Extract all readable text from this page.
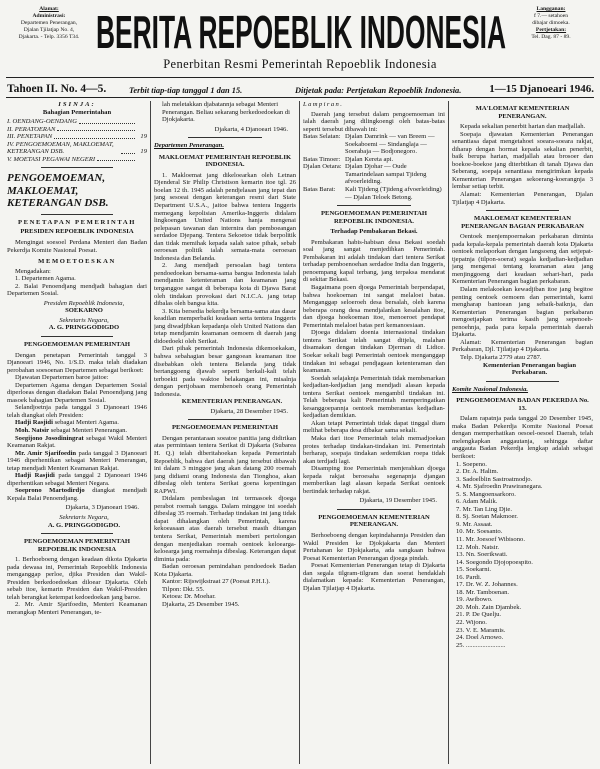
Alamat:
Administrasi:
Departemen Penerangan,
Djalan Tjilatjap No. 4,
Djakarta. - Telp. 3356 T34. BERITA REPOEBLIK INDONESIA
Penerbitan Resmi Pemerintah Repoeblik Indonesia
Langganan:
f 7.— setahoen
dibajar dimoeka.
Pertjetakan:
Tel. Dag. 87 - 89.
Tahoen II. No. 4—5.	Terbit tiap-tiap tanggal 1 dan 15.	Ditjetak pada: Pertjetakan Repoeblik Indonesia.	1—15 Djanoeari 1946.
ISINJA:
Bahagian Pemerintahan
I. OENDANG-OENDANG
II. PERATOERAN
III. PENETAPAN	19
IV. PENGOEMOEMAN, MAKLOEMAT, KETERANGAN DSB.	19
V. MOETASI PEGAWAI NEGERI
PENGOEMOEMAN, MAKLOEMAT, KETERANGAN DSB.
PENETAPAN PEMERINTAH
PRESIDEN REPOEBLIK INDONESIA
Mengingat soesoel Perdana Menteri dan Badan Pekerdja Komite Nasional Poesat.
MEMOETOESKAN
Mengadakan:
1. Departemen Agama.
2. Balai Penoendjang mendjadi bahagian dari Departemen Sosial.
Presiden Repoeblik Indonesia,
SOEKARNO
Sekretaris Negara,
A. G. PRINGGODIGDO
PENGOEMOEMAN PEMERINTAH
Dengan penetapan Pemerintah tanggal 3 Djanoeari 1946, No. 1/S.D. maka telah diadakan perobahan soesoenan Departemen sebagai berikoet:
Djawatan Departemen baroe jaitoe:
Departemen Agama dengan Departemen Sosial diperloeas dengan diadakan Balai Penoendjang jang masoek bahagian Departemen Sosial.
Selandjoetnja pada tanggal 3 Djanoeari 1946 telah diangkat oleh Presiden:
Hadji Rasjidi sebagai Menteri Agama.
Moh. Natsir sebagai Menteri Penerangan.
Soegijono Josodiningrat sebagai Wakil Menteri Keamanan Rakjat.
Mr. Amir Sjarifoedin pada tanggal 3 Djanoeari 1946 diperhentikan sebagai Menteri Penerangan, tetap mendjadi Menteri Keamanan Rakjat.
Hadji Rasjidi pada tanggal 2 Djanoeari 1946 diperhentikan sebagai Menteri Negara.
Soeprono Martodirdjo diangkat mendjadi Kepala Balai Penoendjang.
Djakarta, 3 Djanoeari 1946.
Sekretaris Negara,
A. G. PRINGGODIGDO.
PENGOEMOEMAN PEMERINTAH REPOEBLIK INDONESIA
1. Berhoeboeng dengan keadaan dikota Djakarta pada dewasa ini, Pemerintah Repoeblik Indonesia menganggap perloe, djika Presiden dan Wakil-Presiden berkedoedoekan diloear Djakarta. Oleh sebab itoe, kemarin Presiden dan Wakil-Presiden telah berangkat ketempat kedoedoekan jang baroe.
2. Mr. Amir Sjarifoedin, Menteri Keamanan merangkap Menteri Penerangan, te-
lah meletakkan djabatannja sebagai Menteri Penerangan. Beliau sekarang berkedoedoekan di Djokjakarta.
Djakarta, 4 Djanoeari 1946.
Departemen Penerangan.
MAKLOEMAT PEMERINTAH REPOEBLIK INDONESIA.
1. Makloemat jang dikeloearkan oleh Letnan Djenderal Sir Philip Christison kemarin itoe tgl. 26 boelan 12 th. 1945 adalah pendjelasan jang tepat dan jang sesoeai dengan keterangan resmi dari State Department U.S.A., jaitoe bahwa tentera Inggeris memegang kepolisian Amerika-Inggeris didalam lingkoengan United Nations hanja mengenai pelepasan tawanan dan internira dan pemboeangan serdadoe Djepang. Tentera Sekoetoe tidak berpolitik dan tidak memihak kepada salah satoe pihak, sebab oeroesan politik ialah semata-mata oeroesan Indonesia dan Belanda.
2. Jang mendjadi persoalan bagi tentera pendoedoekan bersama-sama bangsa Indonesia ialah mendjamin ketenteraman dan keamanan jang terganggoe sangat di beberapa kota di Djawa Barat oleh tindakan provokasi dari N.I.C.A. jang tetap dibalas oleh bangsa kita.
3. Kita bersedia bekerdja bersama-sama atas dasar keadilan memperbaiki keadaan serta tentera Inggeris jang diwadjibkan kepadanja oleh United Nations dan tetap mendjamin keamanan oemoem di daerah jang didoedoeki oleh Serikat.
Dari pihak pemerintah Indonesia dikemoekakan, bahwa sebahagian besar gangoean keamanan itoe disebabkan oleh tentera Belanda jang tidak bertanggoeng djawab seperti berkali-kali telah terboekti pada waktoe belakangan ini, misalnja dengan pertjobaan membenoeh orang Pemerintah Indonesia.
KEMENTERIAN PENERANGAN.
Djakarta, 28 Desember 1945.
PENGOEMOEMAN PEMERINTAH
Dengan perantaraan soeatoe panitia jang didirikan atas permintaan tentera Serikat di Djakarta (Subarea H. Q.) telah diberitahoekan kepada Pemerintah Repoeblik, bahwa dari daerah jang tersebut dibawah ini dalam 3 minggoe jang akan datang 200 roemah jang didiami orang Indonesia dan Tionghoa, akan dibeslag oleh tentera Serikat goena kepentingan RAPWI.
Didalam pembeslagan ini termasoek djoega perabot roemah tangga. Dalam minggoe ini soedah dibeslag 35 roemah. Terhadap tindakan ini jang tidak dapat dihalangkan oleh Pemerintah, karena kekoeasaan atas daerah tersebut masih ditangan tentera Serikat, Pemerintah memberi pertolongan dengan menjediakan roemah oentoek keloearga-keloearga jang roemahnja dibeslag. Keterangan dapat diminta pada:
Badan oeroesan pemindahan pendoedoek Badan Kota Djakarta.
Kantor: Rijswijkstraat 27 (Poesat P.H.I.).
Tilpon: Dkt. 55.
Ketoea: Dr. Moehar.
Djakarta, 25 Desember 1945.
Lampiran.
Daerah jang tersebut dalam pengoemoeman ini ialah daerah jang dilingkoengi oleh batas-batas seperti tersebut dibawah ini:
Batas Selatan: Djalan Damrink — van Breem — Soekaboemi — Sindanglaja — Soerabaja — Bodjonegoro.
Batas Timoer: Djalan Kereta api.
Djalan Oetara: Djalan Djohar — Oude Tamarindelaan sampai Tjideng afvoerleiding.
Batas Barat:	Kali Tjideng (Tjideng afvoerleiding) — Djalan Teloek Betong.
PENGOEMOEMAN PEMERINTAH REPOEBLIK INDONESIA.
Terhadap Pembakaran Bekasi.
Pembakaran habis-habisan desa Bekasi soedah soal jang sangat menjedihkan Pemerintah. Pembakaran ini adalah tindakan dari tentera Serikat terhadap pemboenoehan serdadoe India dan Inggeris, penoempang kapal terbang, jang terpaksa mendarat di sekitar Bekasi.
Bagaimana poen djoega Pemerintah berpendapat, bahwa hoekoeman ini sangat melaloei batas. Menganggap seloeroeh desa bersalah, oleh karena beberapa orang desa mendjalankan kesalahan itoe, dan djoega hoekoeman itoe, menoeroet pendapat Pemerintah melaloei batas peri kemanoesiaan.
Djoega didalam doenia internasional tindakan tentera Serikat telah sangat ditjela, malahan disamakan dengan tindakan Djerman di Lidice. Soekar sekali bagi Pemerintah oentoek menganggap tindakan ini sebagai pendjagaan ketenteraman dan keamanan.
Soedah selajaknja Pemerintah tidak membenarkan kedjadian-kedjadian jang mendjadi alasan kepada tentera Serikat oentoek mengambil tindakan ini. Telah beberapa kali Pemerintah memperingatkan kesanggoepannja oentoek memberantas kedjadian-kedjadian demikian.
Akan tetapi Pemerintah tidak dapat tinggal diam melihat beberapa desa dibakar sama sekali.
Maka dari itoe Pemerintah telah memadjoekan protes terhadap tindakan-tindakan ini. Pemerintah berharap, soepaja tindakan sedemikian roepa tidak akan terdjadi lagi.
Disamping itoe Pemerintah menjerahkan djoega kepada rakjat beroesaha segenapnja djangan memberikan lagi alasan kepada Serikat oentoek bertindak terhadap rakjat.
Djakarta, 19 Desember 1945.
PENGOEMOEMAN KEMENTERIAN PENERANGAN.
Berhoeboeng dengan kepindahannja Presiden dan Wakil Presiden ke Djokjakarta dan Menteri Pertahanan ke Djokjakarta, ada sangkaan bahwa Poesat Kementerian Penerangan djoega pindah.
Poesat Kementerian Penerangan tetap di Djakarta dan segala tilgram-tilgram dan soerat hendaklah dialamatkan kepada: Kementerian Penerangan, Djalan Tjilatjap 4 Djakarta.
MA'LOEMAT KEMENTERIAN PENERANGAN.
Kepada sekalian penerbit harian dan madjallah.
Soepaja djawatan Kementerian Penerangan senantiasa dapat mengetahoei soeara-soeara rakjat, diharap dengan hormat kepada sekalian penerbit, baik berupa harian, madjallah atau brosoer dan boekoe-boekoe jang diterbitkan di tanah Djawa dan Seberang, soepaja senantiasa mengirimkan kepada Kementerian Penerangan sekoerang-koerangnja 3 lembar setiap terbit.
Alamat: Kementerian Penerangan, Djalan Tjilatjap 4 Djakarta.
MAKLOEMAT KEMENTERIAN PENERANGAN BAGIAN PERKABARAN
Oentoek menjempoernakan perkabaran diminta pada kepala-kepala pemerintah daerah kota Djakarta oentoek melaporkan dengan langsoeng dan setjepat-tjepatnja (tilpon-soerat) segala kedjadian-kedjadian jang mengenai tentang keamanan atau jang menjinggoeng dari keadaan sehari-hari, pada Kementerian Penerangan bagian perkabaran.
Dalam melakoekan kewadjiban itoe jang begitoe penting oentoek oemoem dan pemerintah, kami mengharap bantoean jang sebaik-baiknja, dan Kementerian Penerangan bagian perkabaran mengoetjapkan terima kasih jang sepenoeh-penoehnja, pada para kepala pemerintah daerah Djakarta.
Alamat: Kementerian Penerangan bagian Perkabaran, Djl. Tjilatjap 4 Djakarta.
Telp. Djakarta 2779 atau 2787.
Kementerian Penerangan bagian Perkabaran.
Komite Nasional Indonesia.
PENGOEMOEMAN BADAN PEKERDJA No. 13.
Dalam rapatnja pada tanggal 20 Desember 1945, maka Badan Pekerdja Komite Nasional Poesat dengan memperhatikan oesoel-oesoel Daerah, telah melengkapkan anggautanja, sehingga daftar anggauta Badan Pekerdja lengkap adalah sebagai berikoet:
1. Soepeno.
2. Dr. A. Halim.
3. Sadoelblin Sastroatmodjo.
4. Mr. Sjafroedin Prawiranegara.
5. S. Mangoensarkoro.
6. Adam Malik.
7. Mr. Tan Ling Djie.
8. Sj. Soetan Makmoer.
9. Mr. Assaat.
10. Mr. Soesanto.
11. Mr. Joesoef Wibisono.
12. Moh. Natsir.
13. Nn. Soerikwati.
14. Soegondo Djojopoespito.
15. Soekarni.
16. Pardi.
17. Dr. W. Z. Johannes.
18. Mr. Tamboenan.
19. Awibowo.
20. Moh. Zain Djambek.
21. P. De Quelju.
22. Wijono.
23. V. E. Maramis.
24. Doel Arnowo.
25. ........................
